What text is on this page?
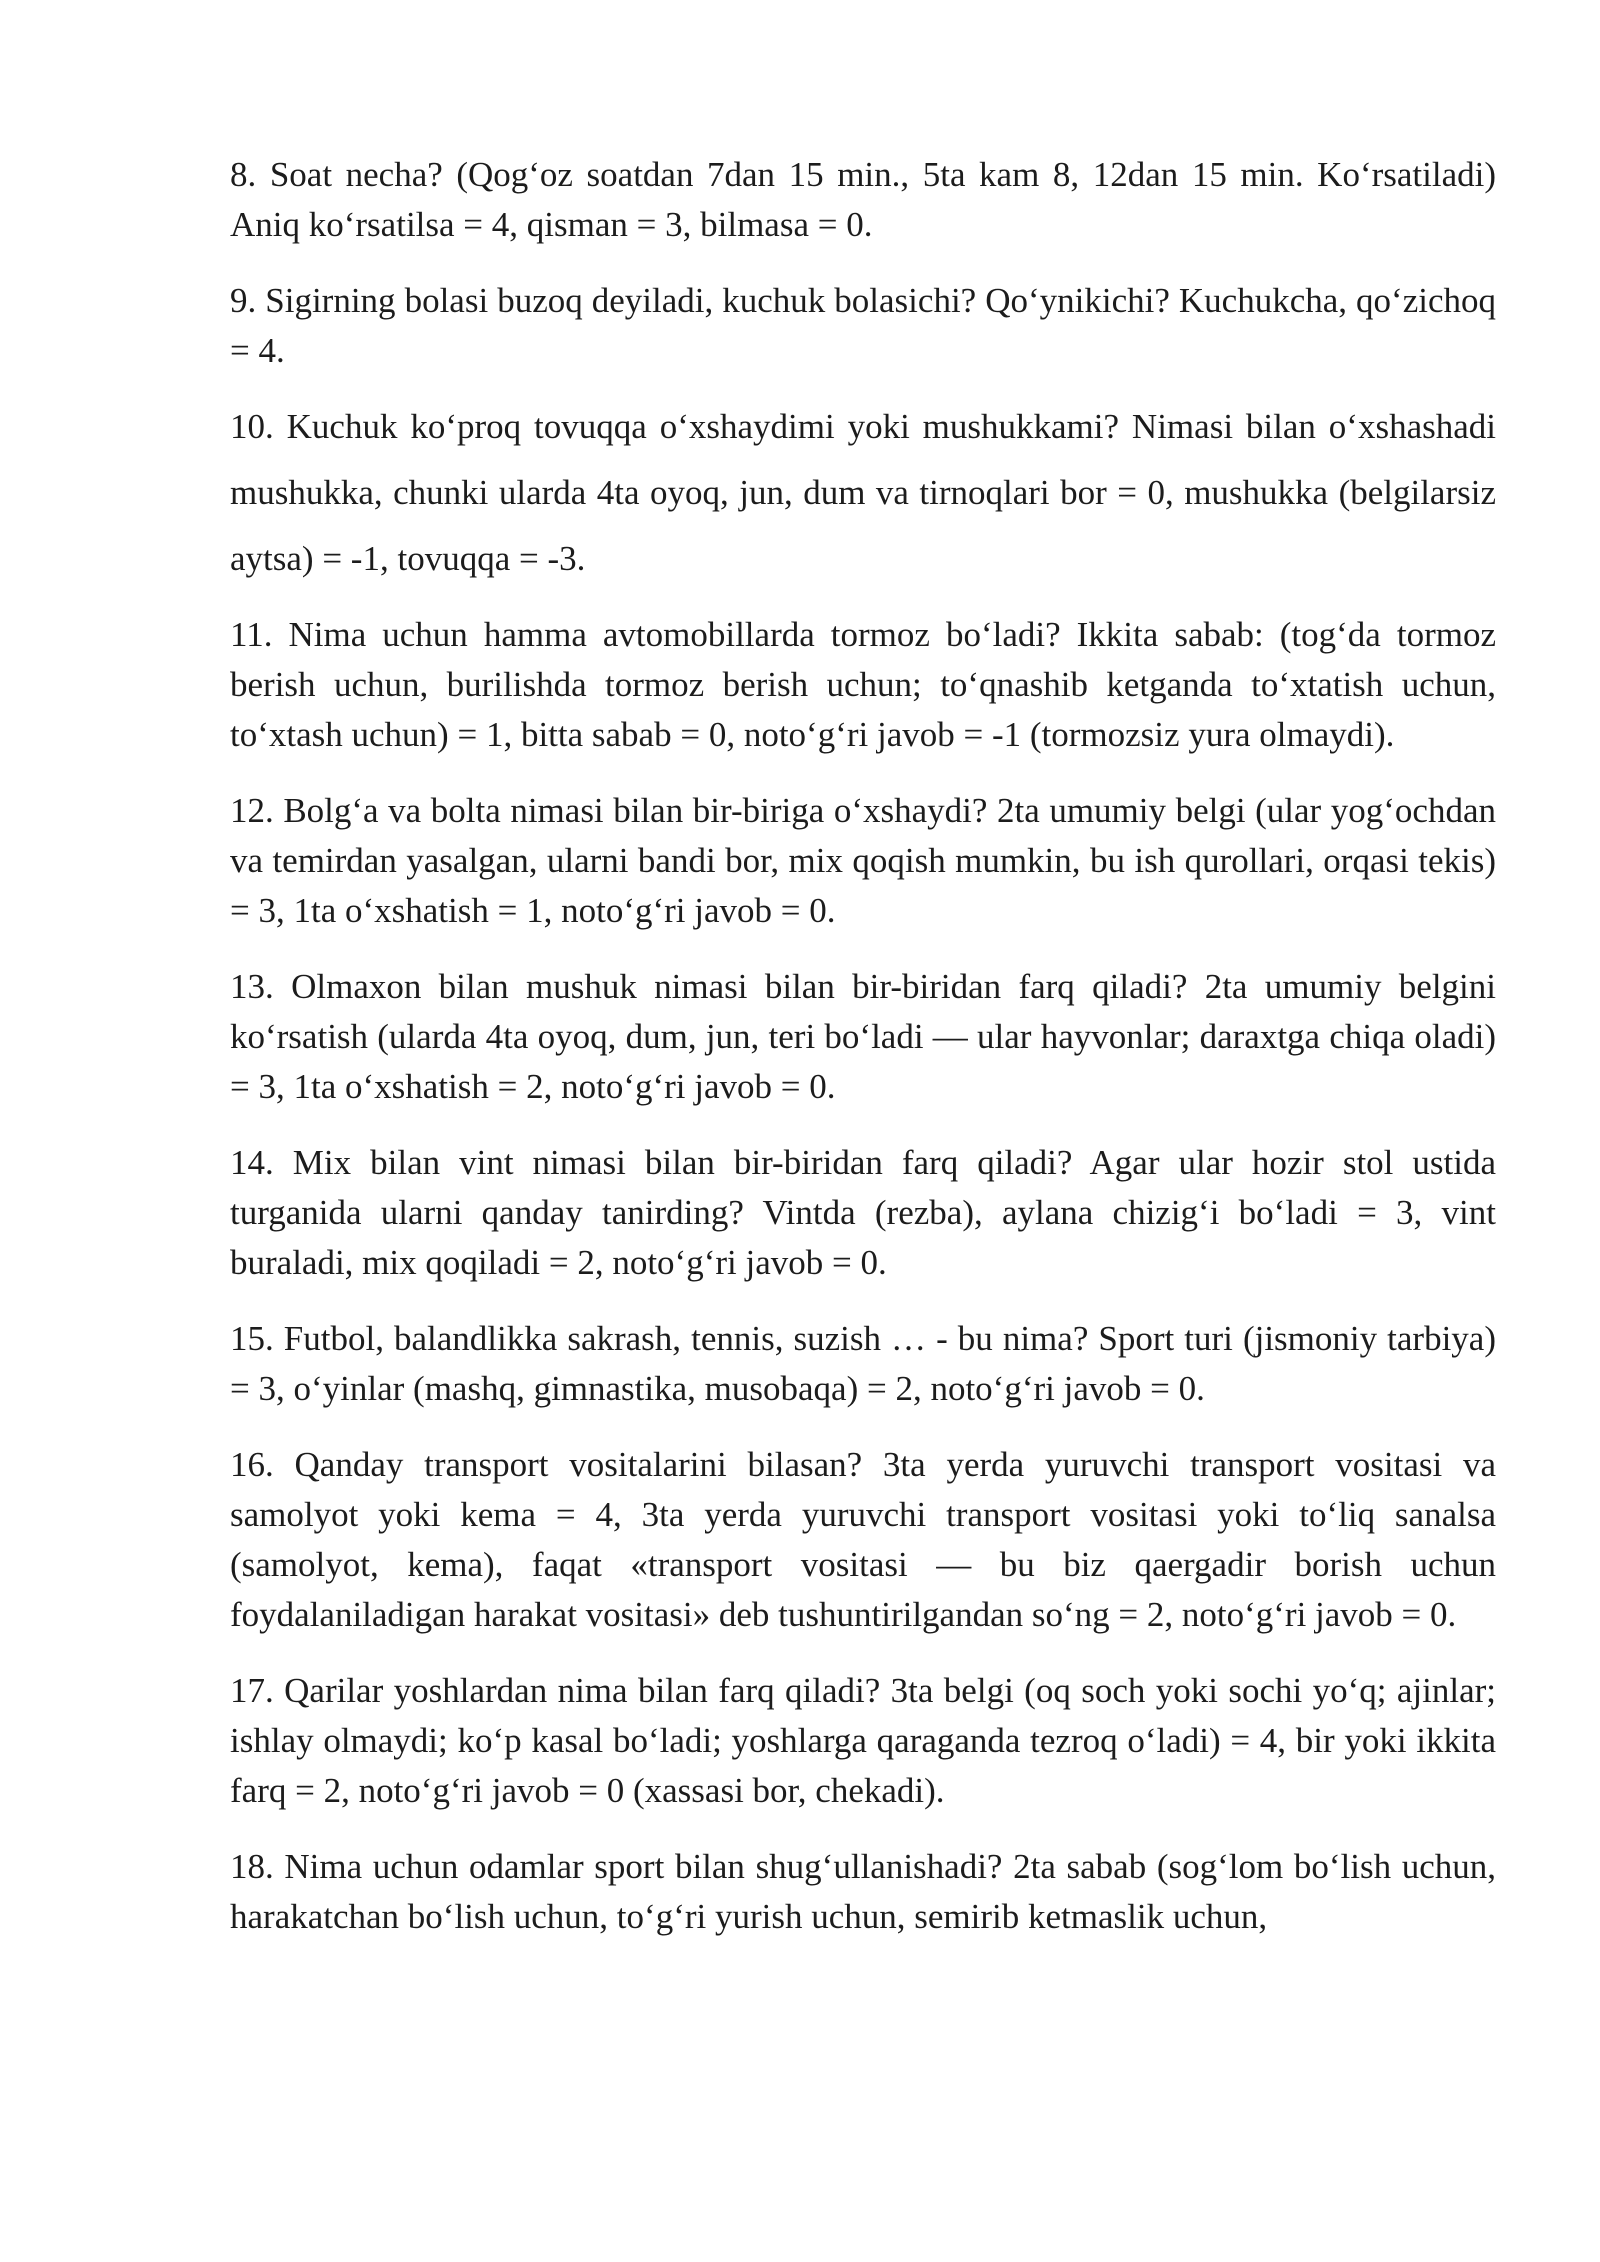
8. Soat necha? (Qog‘oz soatdan 7dan 15 min., 5ta kam 8, 12dan 15 min. Ko‘rsatiladi) Aniq ko‘rsatilsa = 4, qisman = 3, bilmasa = 0.

9. Sigirning bolasi buzoq deyiladi, kuchuk bolasichi? Qo‘ynikichi? Kuchukcha, qo‘zichoq = 4.

10. Kuchuk ko‘proq tovuqqa o‘xshaydimi yoki mushukkami? Nimasi bilan o‘xshashadi mushukka, chunki ularda 4ta oyoq, jun, dum va tirnoqlari bor = 0, mushukka (belgilarsiz aytsa) = -1, tovuqqa = -3.

11. Nima uchun hamma avtomobillarda tormoz bo‘ladi? Ikkita sabab: (tog‘da tormoz berish uchun, burilishda tormoz berish uchun; to‘qnashib ketganda to‘xtatish uchun, to‘xtash uchun) = 1, bitta sabab = 0, noto‘g‘ri javob = -1 (tormozsiz yura olmaydi).

12. Bolg‘a va bolta nimasi bilan bir-biriga o‘xshaydi? 2ta umumiy belgi (ular yog‘ochdan va temirdan yasalgan, ularni bandi bor, mix qoqish mumkin, bu ish qurollari, orqasi tekis) = 3, 1ta o‘xshatish = 1, noto‘g‘ri javob = 0.

13. Olmaxon bilan mushuk nimasi bilan bir-biridan farq qiladi? 2ta umumiy belgini ko‘rsatish (ularda 4ta oyoq, dum, jun, teri bo‘ladi — ular hayvonlar; daraxtga chiqa oladi) = 3, 1ta o‘xshatish = 2, noto‘g‘ri javob = 0.

14. Mix bilan vint nimasi bilan bir-biridan farq qiladi? Agar ular hozir stol ustida turganida ularni qanday tanirding? Vintda (rezba), aylana chizig‘i bo‘ladi = 3, vint buraladi, mix qoqiladi = 2, noto‘g‘ri javob = 0.

15. Futbol, balandlikka sakrash, tennis, suzish … - bu nima? Sport turi (jismoniy tarbiya) = 3, o‘yinlar (mashq, gimnastika, musobaqa) = 2, noto‘g‘ri javob = 0.

16. Qanday transport vositalarini bilasan? 3ta yerda yuruvchi transport vositasi va samolyot yoki kema = 4, 3ta yerda yuruvchi transport vositasi yoki to‘liq sanalsa (samolyot, kema), faqat «transport vositasi — bu biz qaergadir borish uchun foydalaniladigan harakat vositasi» deb tushuntirilgandan so‘ng = 2, noto‘g‘ri javob = 0.

17. Qarilar yoshlardan nima bilan farq qiladi? 3ta belgi (oq soch yoki sochi yo‘q; ajinlar; ishlay olmaydi; ko‘p kasal bo‘ladi; yoshlarga qaraganda tezroq o‘ladi) = 4, bir yoki ikkita farq = 2, noto‘g‘ri javob = 0 (xassasi bor, chekadi).

18. Nima uchun odamlar sport bilan shug‘ullanishadi? 2ta sabab (sog‘lom bo‘lish uchun, harakatchan bo‘lish uchun, to‘g‘ri yurish uchun, semirib ketmaslik uchun,
